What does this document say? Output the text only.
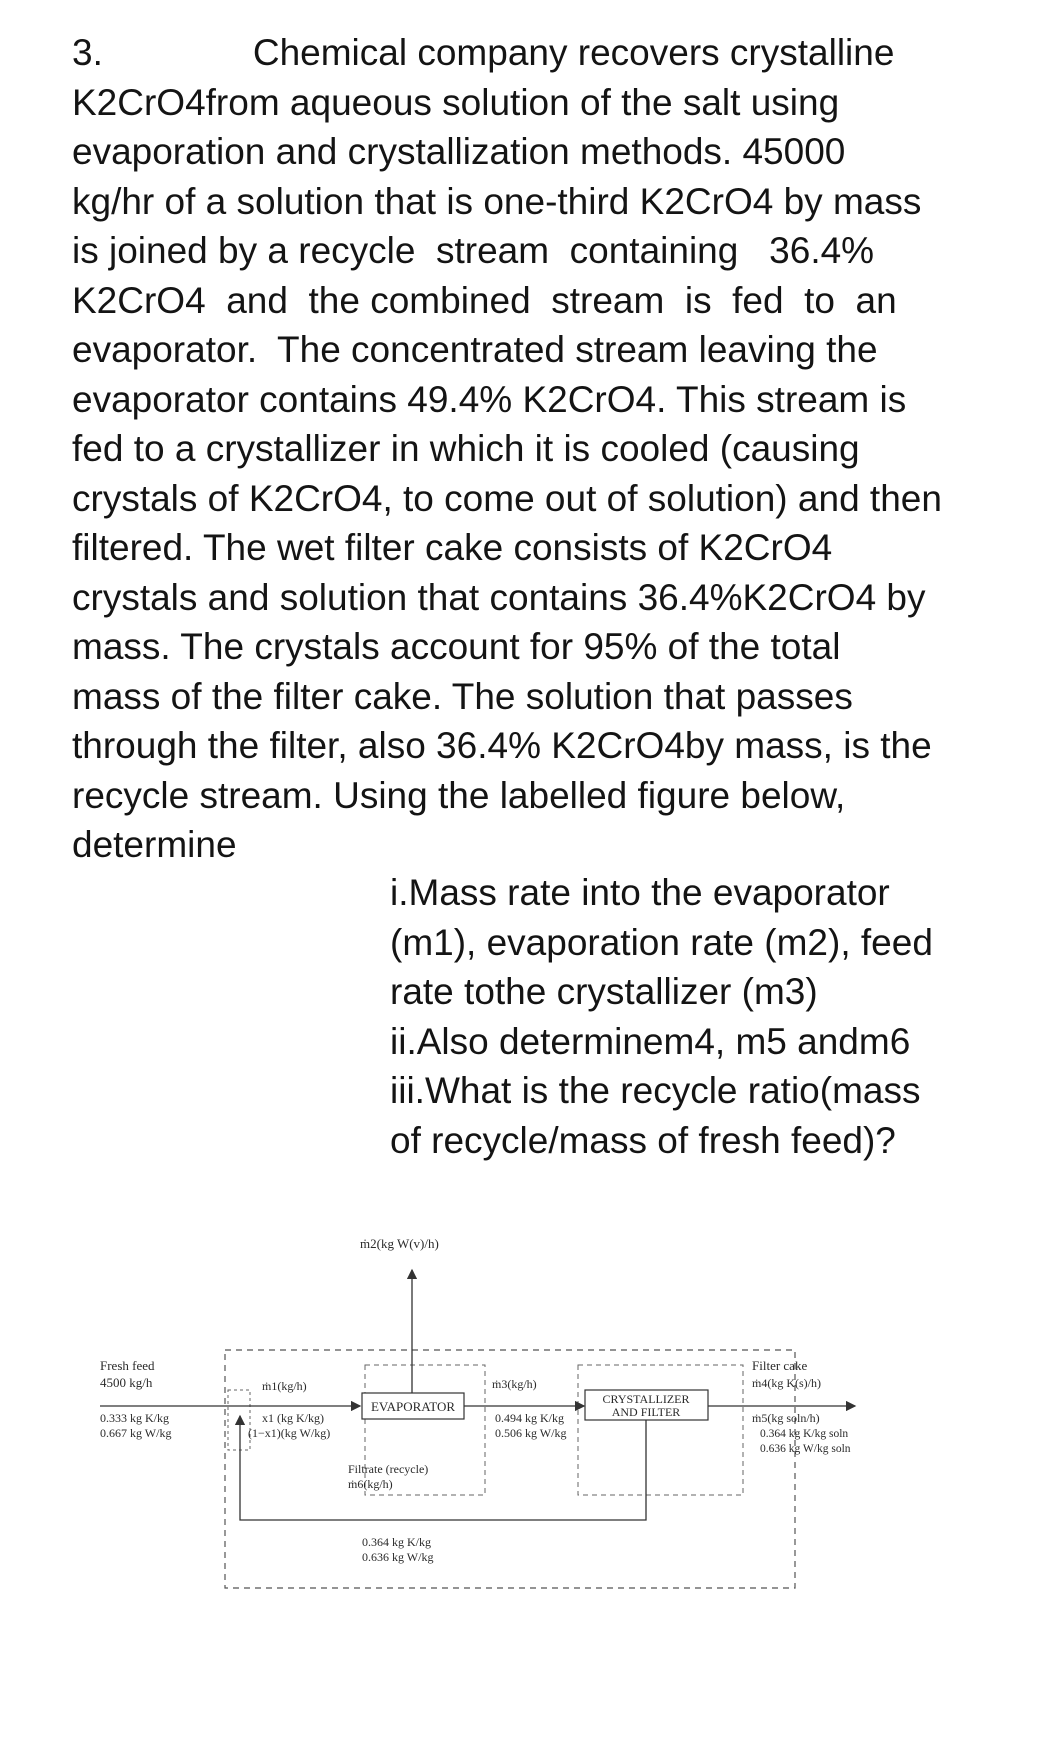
3.	Chemical company recovers crystalline
K2CrO4from aqueous solution of the salt using
evaporation and crystallization methods. 45000
kg/hr of a solution that is one-third K2CrO4 by mass
is joined by a recycle  stream  containing   36.4%
K2CrO4  and  the combined  stream  is  fed  to  an
evaporator.  The concentrated stream leaving the
evaporator contains 49.4% K2CrO4. This stream is
fed to a crystallizer in which it is cooled (causing
crystals of K2CrO4, to come out of solution) and then
filtered. The wet filter cake consists of K2CrO4
crystals and solution that contains 36.4%K2CrO4 by
mass. The crystals account for 95% of the total
mass of the filter cake. The solution that passes
through the filter, also 36.4% K2CrO4by mass, is the
recycle stream. Using the labelled figure below,
determine
i.Mass rate into the evaporator
(m1), evaporation rate (m2), feed
rate tothe crystallizer (m3)
ii.Also determinem4, m5 andm6
iii.What is the recycle ratio(mass
of recycle/mass of fresh feed)?
EVAPORATOR	CRYSTALLIZER
AND FILTER
ṁ2(kg W(v)/h)
Fresh feed
4500 kg/h
0.333 kg K/kg
0.667 kg W/kg
ṁ1(kg/h)
x1 (kg K/kg)
(1−x1)(kg W/kg)
ṁ3(kg/h)
0.494 kg K/kg
0.506 kg W/kg
Filter cake
ṁ4(kg K(s)/h)
ṁ5(kg soln/h)
0.364 kg K/kg soln
0.636 kg W/kg soln
Filtrate (recycle)
ṁ6(kg/h)
0.364 kg K/kg
0.636 kg W/kg
